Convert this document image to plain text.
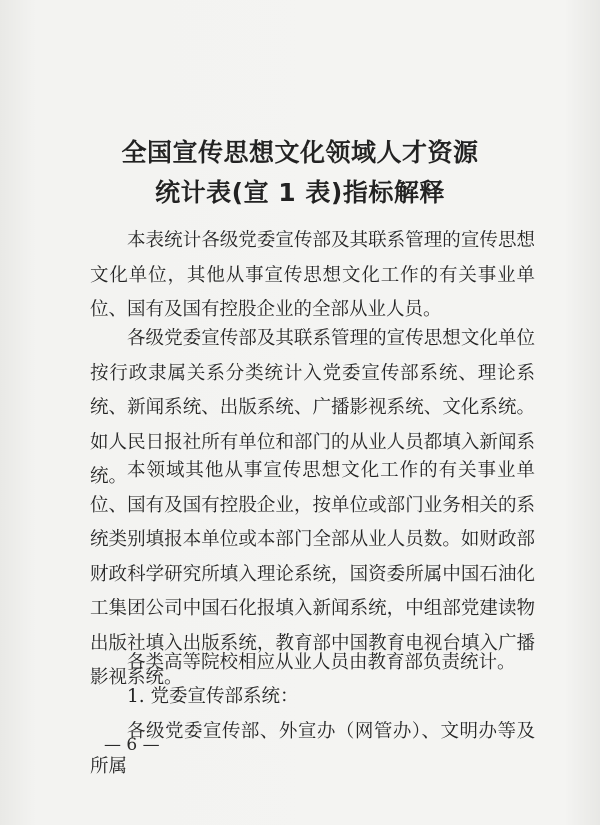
全国宣传思想文化领域人才资源
统计表(宣 1 表)指标解释
本表统计各级党委宣传部及其联系管理的宣传思想文化单位，其他从事宣传思想文化工作的有关事业单位、国有及国有控股企业的全部从业人员。
各级党委宣传部及其联系管理的宣传思想文化单位按行政隶属关系分类统计入党委宣传部系统、理论系统、新闻系统、出版系统、广播影视系统、文化系统。如人民日报社所有单位和部门的从业人员都填入新闻系统。 本领域其他从事宣传思想文化工作的有关事业单位、国有及国有控股企业，按单位或部门业务相关的系统类别填报本单位或本部门全部从业人员数。如财政部财政科学研究所填入理论系统，国资委所属中国石油化工集团公司中国石化报填入新闻系统，中组部党建读物出版社填入出版系统，教育部中国教育电视台填入广播影视系统。
各类高等院校相应从业人员由教育部负责统计。
1. 党委宣传部系统：
各级党委宣传部、外宣办（网管办）、文明办等及所属
— 6 —
